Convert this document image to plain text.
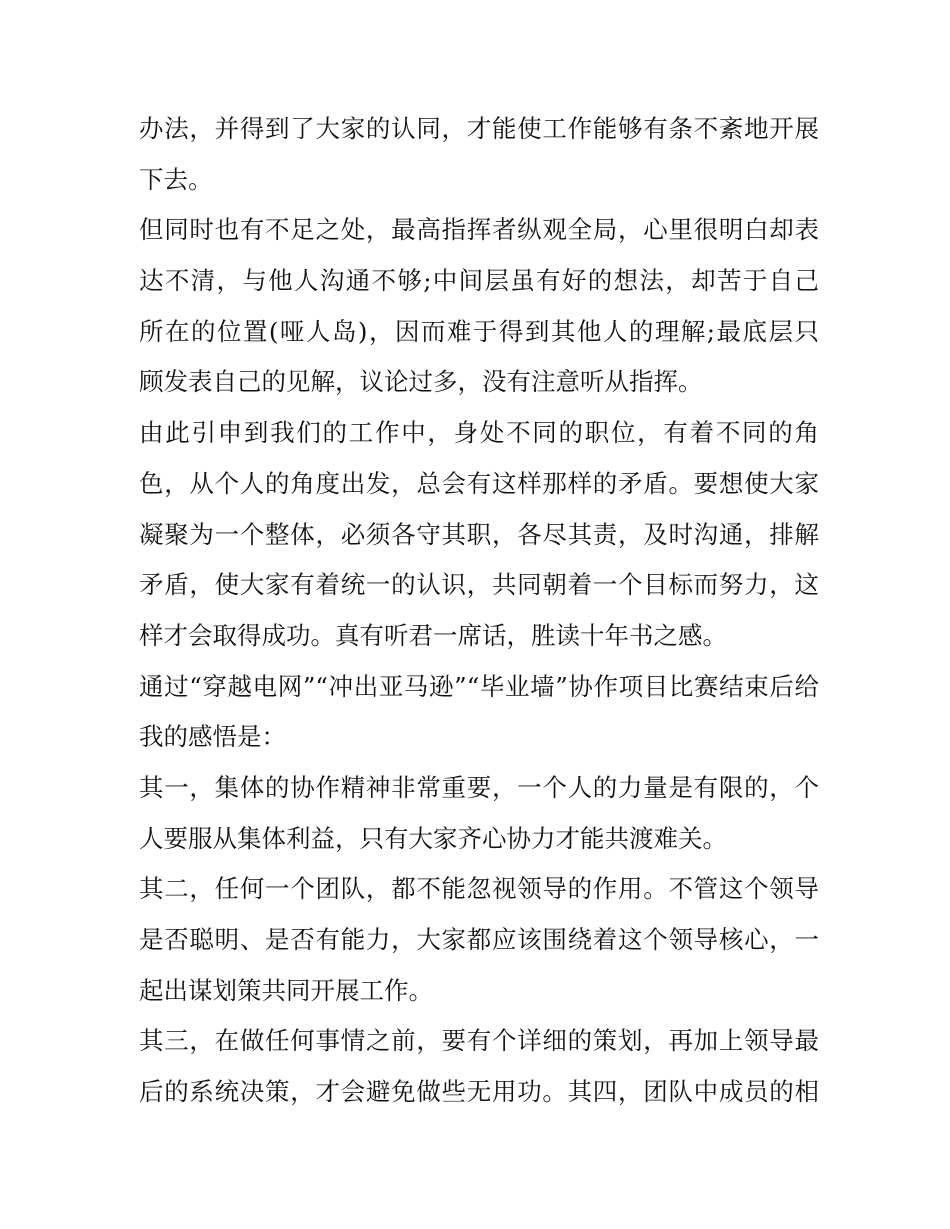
办法，并得到了大家的认同，才能使工作能够有条不紊地开展
下去。
但同时也有不足之处，最高指挥者纵观全局，心里很明白却表
达不清，与他人沟通不够;中间层虽有好的想法，却苦于自己
所在的位置(哑人岛)，因而难于得到其他人的理解;最底层只
顾发表自己的见解，议论过多，没有注意听从指挥。
由此引申到我们的工作中，身处不同的职位，有着不同的角
色，从个人的角度出发，总会有这样那样的矛盾。要想使大家
凝聚为一个整体，必须各守其职，各尽其责，及时沟通，排解
矛盾，使大家有着统一的认识，共同朝着一个目标而努力，这
样才会取得成功。真有听君一席话，胜读十年书之感。
通过“穿越电网”“冲出亚马逊”“毕业墙”协作项目比赛结束后给
我的感悟是：
其一，集体的协作精神非常重要，一个人的力量是有限的，个
人要服从集体利益，只有大家齐心协力才能共渡难关。
其二，任何一个团队，都不能忽视领导的作用。不管这个领导
是否聪明、是否有能力，大家都应该围绕着这个领导核心，一
起出谋划策共同开展工作。
其三，在做任何事情之前，要有个详细的策划，再加上领导最
后的系统决策，才会避免做些无用功。其四，团队中成员的相
